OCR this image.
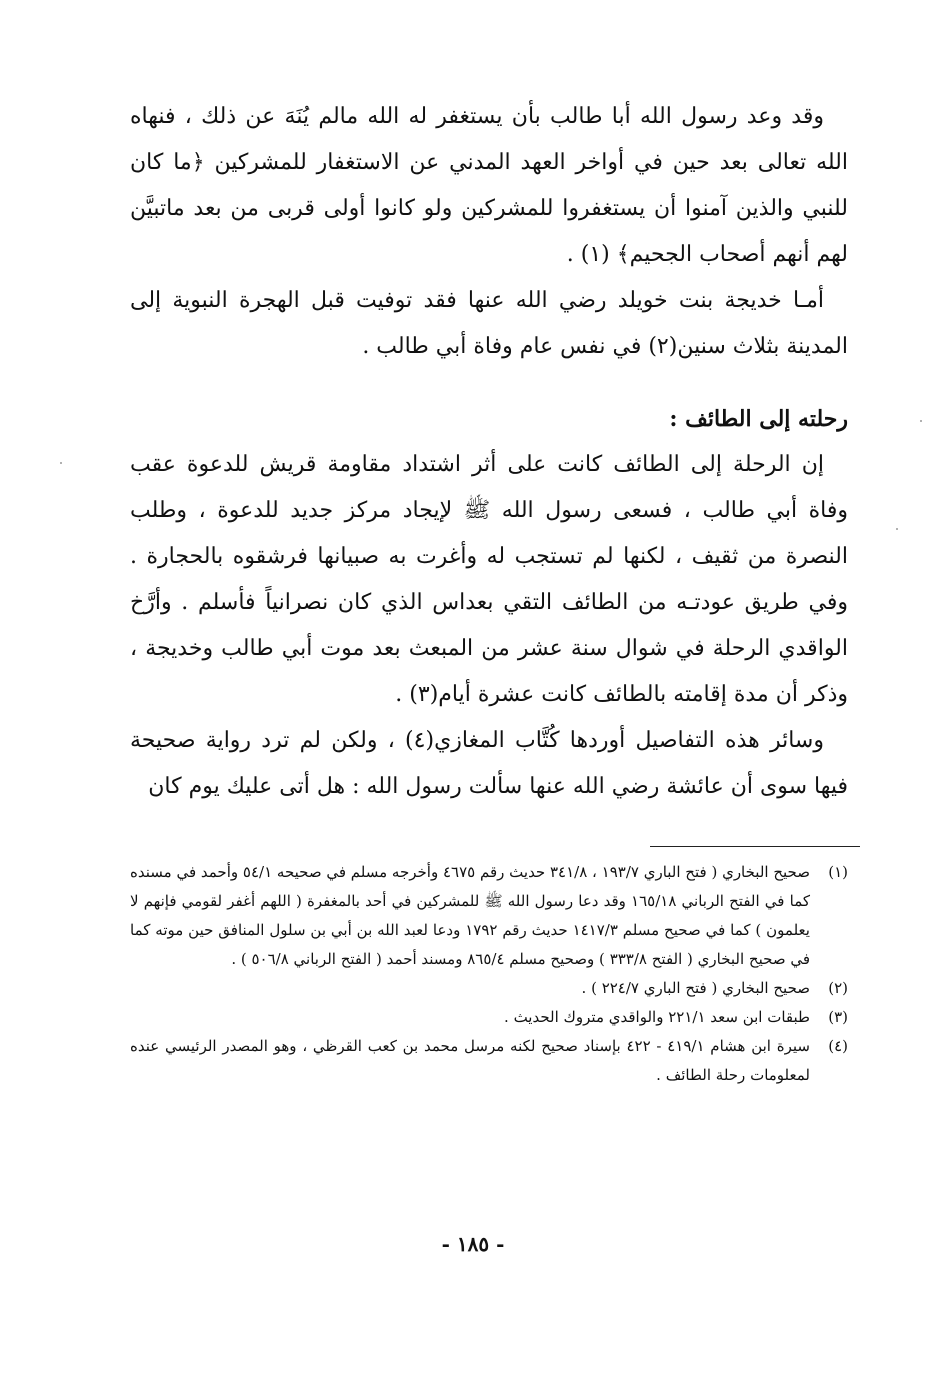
وقد وعد رسول الله أبا طالب بأن يستغفر له الله مالم يُنَهَ عن ذلك ، فنهاه الله تعالى بعد حين في أواخر العهد المدني عن الاستغفار للمشركين ﴿ما كان للنبي والذين آمنوا أن يستغفروا للمشركين ولو كانوا أولى قربى من بعد ماتبيَّن لهم أنهم أصحاب الجحيم﴾ (١) .

أمـا خديجة بنت خويلد رضي الله عنها فقد توفيت قبل الهجرة النبوية إلى المدينة بثلاث سنين(٢) في نفس عام وفاة أبي طالب .

رحلته إلى الطائف :

إن الرحلة إلى الطائف كانت على أثر اشتداد مقاومة قريش للدعوة عقب وفاة أبي طالب ، فسعى رسول الله ﷺ لإيجاد مركز جديد للدعوة ، وطلب النصرة من ثقيف ، لكنها لم تستجب له وأغرت به صبيانها فرشقوه بالحجارة . وفي طريق عودتـه من الطائف التقي بعداس الذي كان نصرانياً فأسلم . وأرَّخ الواقدي الرحلة في شوال سنة عشر من المبعث بعد موت أبي طالب وخديجة ، وذكر أن مدة إقامته بالطائف كانت عشرة أيام(٣) .

وسائر هذه التفاصيل أوردها كُتَّاب المغازي(٤) ، ولكن لم ترد رواية صحيحة فيها سوى أن عائشة رضي الله عنها سألت رسول الله : هل أتى عليك يوم كان

(١)
صحيح البخاري ( فتح الباري ١٩٣/٧ ، ٣٤١/٨ حديث رقم ٤٦٧٥ وأخرجه مسلم في صحيحه ٥٤/١ وأحمد في مسنده كما في الفتح الرباني ١٦٥/١٨ وقد دعا رسول الله ﷺ للمشركين في أحد بالمغفرة ( اللهم أغفر لقومي فإنهم لا يعلمون ) كما في صحيح مسلم ١٤١٧/٣ حديث رقم ١٧٩٢ ودعا لعبد الله بن أبي بن سلول المنافق حين موته كما في صحيح البخاري ( الفتح ٣٣٣/٨ ) وصحيح مسلم ٨٦٥/٤ ومسند أحمد ( الفتح الرباني ٥٠٦/٨ ) .
(٢)
صحيح البخاري ( فتح الباري ٢٢٤/٧ ) .
(٣)
طبقات ابن سعد ٢٢١/١ والواقدي متروك الحديث .
(٤)
سيرة ابن هشام ٤١٩/١ - ٤٢٢ بإسناد صحيح لكنه مرسل محمد بن كعب القرظي ، وهو المصدر الرئيسي عنده لمعلومات رحلة الطائف .
- ١٨٥ -
